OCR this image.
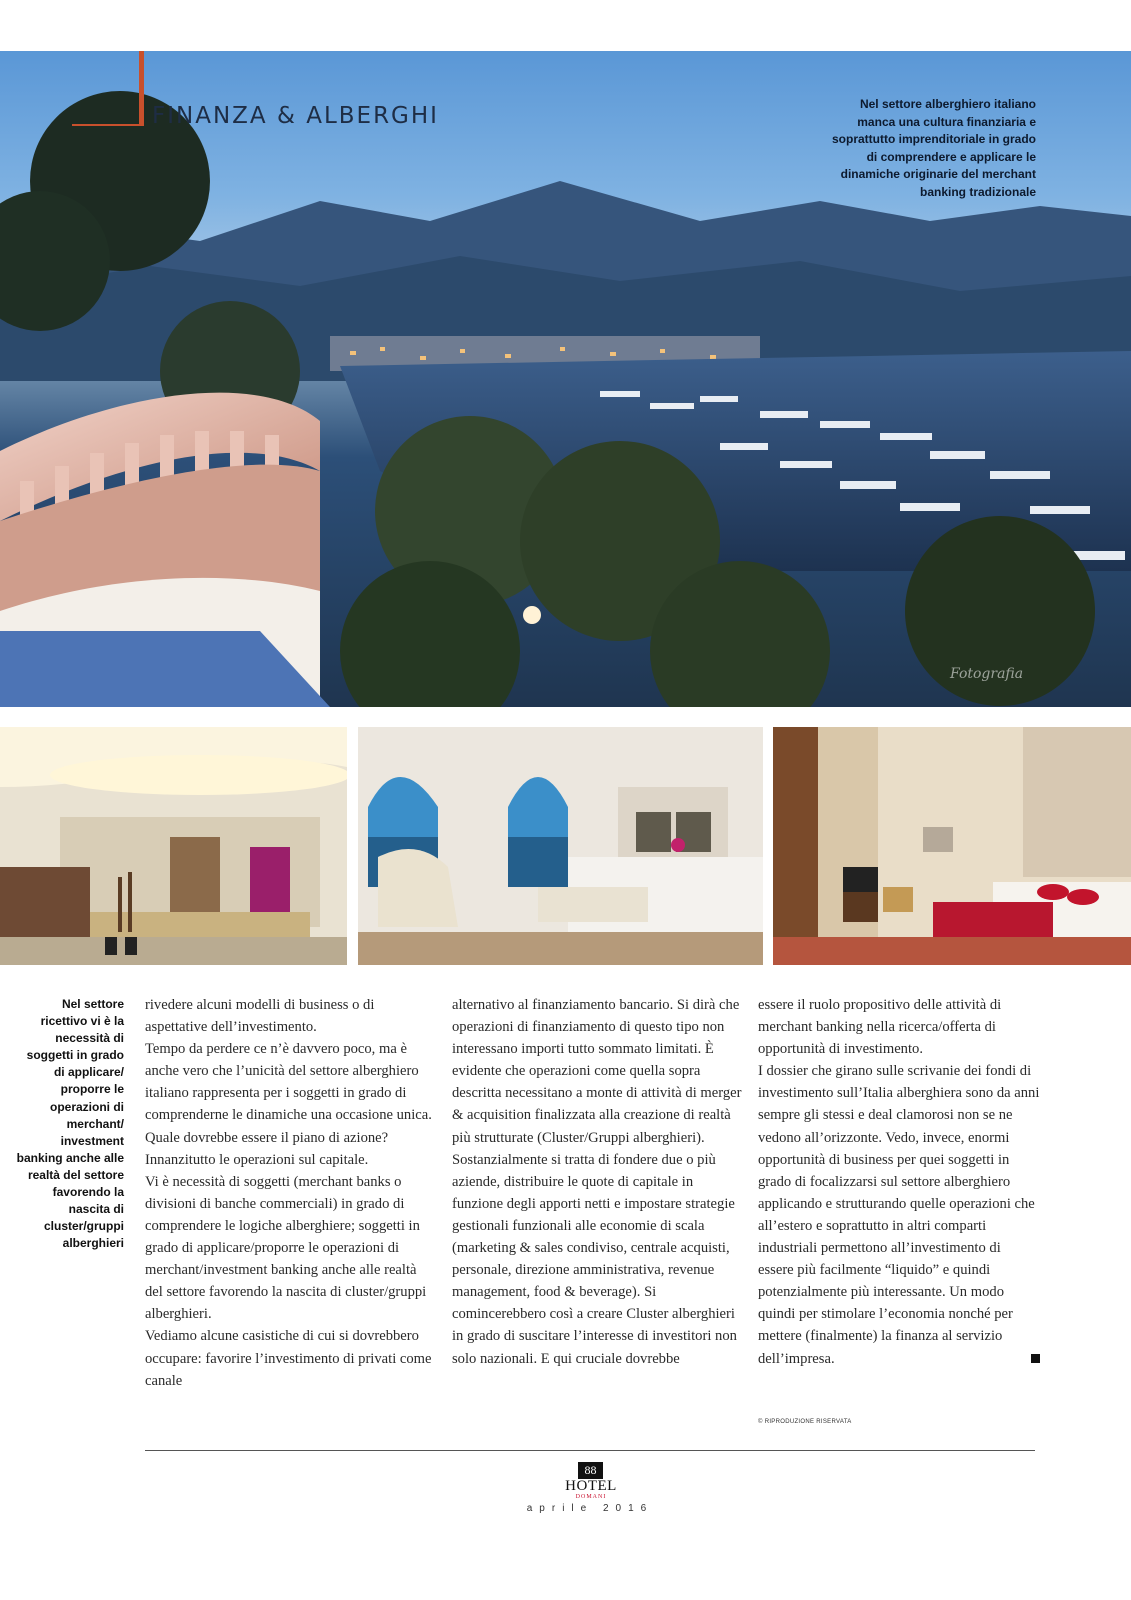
FINANZA & ALBERGHI	Nel settore alberghiero italiano manca una cultura finanziaria e soprattutto imprenditoriale in grado di comprendere e applicare le dinamiche originarie del merchant banking tradizionale
Fotografia
Nel settore ricettivo vi è la necessità di soggetti in grado di applicare/ proporre le operazioni di merchant/ investment banking anche alle realtà del settore favorendo la nascita di cluster/gruppi alberghieri

rivedere alcuni modelli di business o di aspettative dell’investimento.

Tempo da perdere ce n’è davvero poco, ma è anche vero che l’unicità del settore alberghiero italiano rappresenta per i soggetti in grado di comprenderne le dinamiche una occasione unica.

Quale dovrebbe essere il piano di azione? Innanzitutto le operazioni sul capitale.

Vi è necessità di soggetti (merchant banks o divisioni di banche commerciali) in grado di comprendere le logiche alberghiere; soggetti in grado di applicare/proporre le operazioni di merchant/investment banking anche alle realtà del settore favorendo la nascita di cluster/gruppi alberghieri.

Vediamo alcune casistiche di cui si dovrebbero occupare: favorire l’investimento di privati come canale

alternativo al finanziamento bancario. Si dirà che operazioni di finanziamento di questo tipo non interessano importi tutto sommato limitati. È evidente che operazioni come quella sopra descritta necessitano a monte di attività di merger & acquisition finalizzata alla creazione di realtà più strutturate (Cluster/Gruppi alberghieri). Sostanzialmente si tratta di fondere due o più aziende, distribuire le quote di capitale in funzione degli apporti netti e impostare strategie gestionali funzionali alle economie di scala (marketing & sales condiviso, centrale acquisti, personale, direzione amministrativa, revenue management, food & beverage). Si comincerebbero così a creare Cluster alberghieri in grado di suscitare l’interesse di investitori non solo nazionali. E qui cruciale dovrebbe

essere il ruolo propositivo delle attività di merchant banking nella ricerca/offerta di opportunità di investimento.

I dossier che girano sulle scrivanie dei fondi di investimento sull’Italia alberghiera sono da anni sempre gli stessi e deal clamorosi non se ne vedono all’orizzonte. Vedo, invece, enormi opportunità di business per quei soggetti in grado di focalizzarsi sul settore alberghiero applicando e strutturando quelle operazioni che all’estero e soprattutto in altri comparti industriali permettono all’investimento di essere più facilmente “liquido” e quindi potenzialmente più interessante. Un modo quindi per stimolare l’economia nonché per mettere (finalmente) la finanza al servizio dell’impresa.

© RIPRODUZIONE RISERVATA
88
HOTEL
DOMANI
aprile 2016
